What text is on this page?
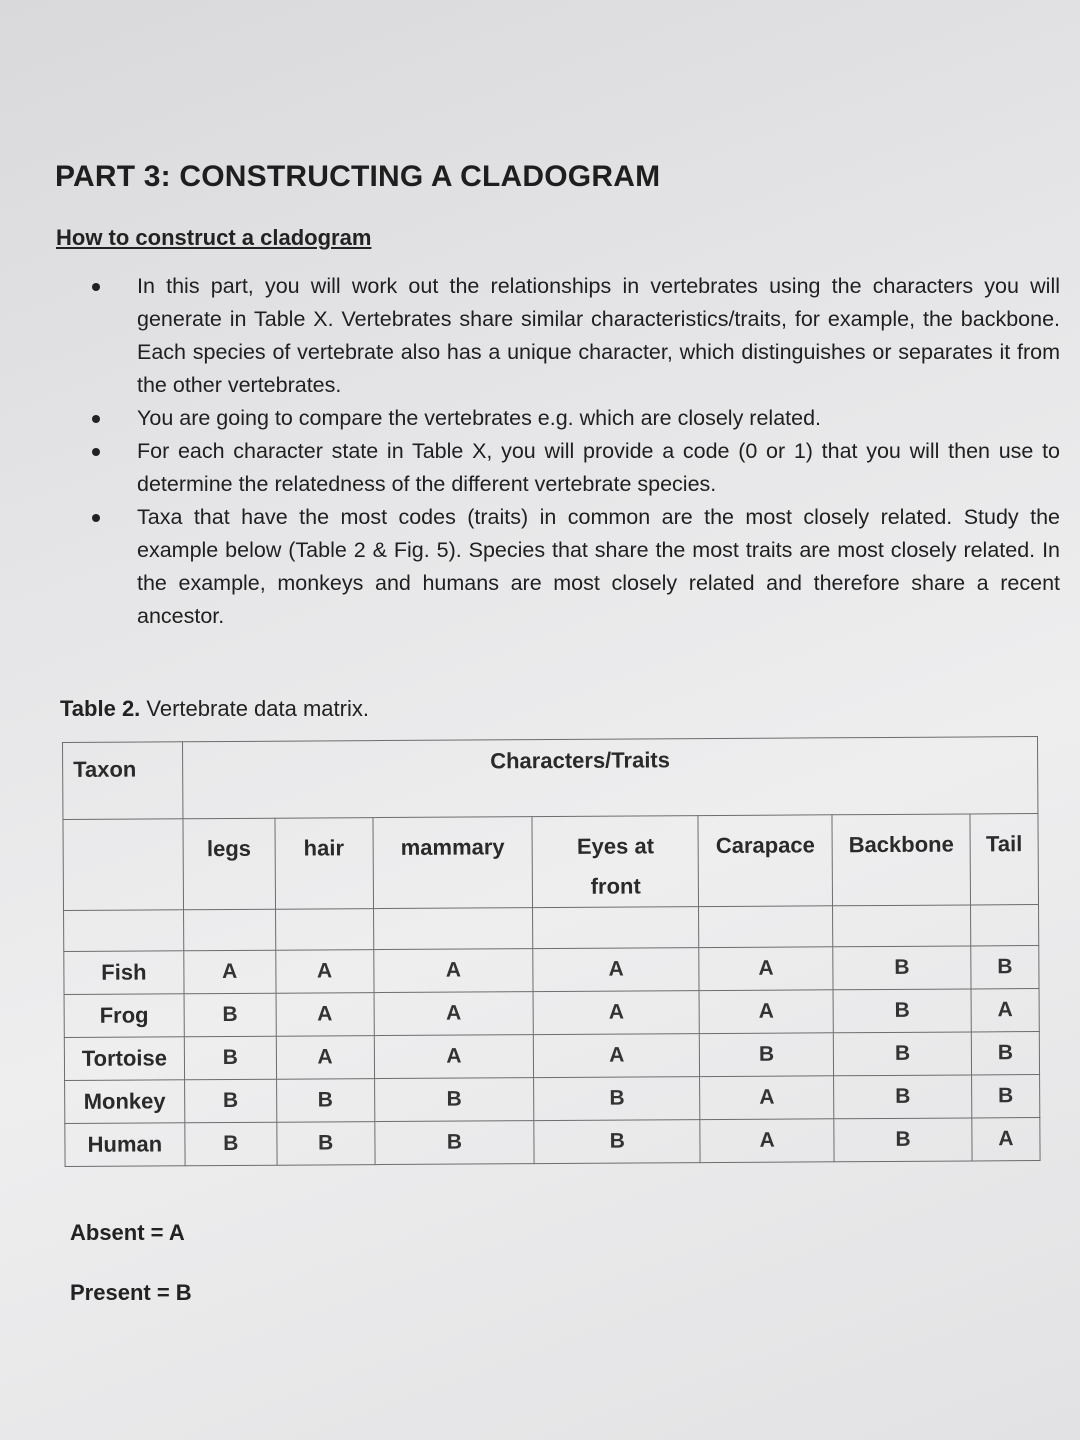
PART 3: CONSTRUCTING A CLADOGRAM
How to construct a cladogram
In this part, you will work out the relationships in vertebrates using the characters you will generate in Table X. Vertebrates share similar characteristics/traits, for example, the backbone. Each species of vertebrate also has a unique character, which distinguishes or separates it from the other vertebrates.
You are going to compare the vertebrates e.g. which are closely related.
For each character state in Table X, you will provide a code (0 or 1) that you will then use to determine the relatedness of the different vertebrate species.
Taxa that have the most codes (traits) in common are the most closely related. Study the example below (Table 2 & Fig. 5). Species that share the most traits are most closely related. In the example, monkeys and humans are most closely related and therefore share a recent ancestor.

Table 2. Vertebrate data matrix.

Taxon	Characters/Traits						
	legs	hair	mammary	Eyes at front	Carapace	Backbone	Tail

Fish	A	A	A	A	A	B	B
Frog	B	A	A	A	A	B	A
Tortoise	B	A	A	A	B	B	B
Monkey	B	B	B	B	A	B	B
Human	B	B	B	B	A	B	A

Absent = A

Present = B
